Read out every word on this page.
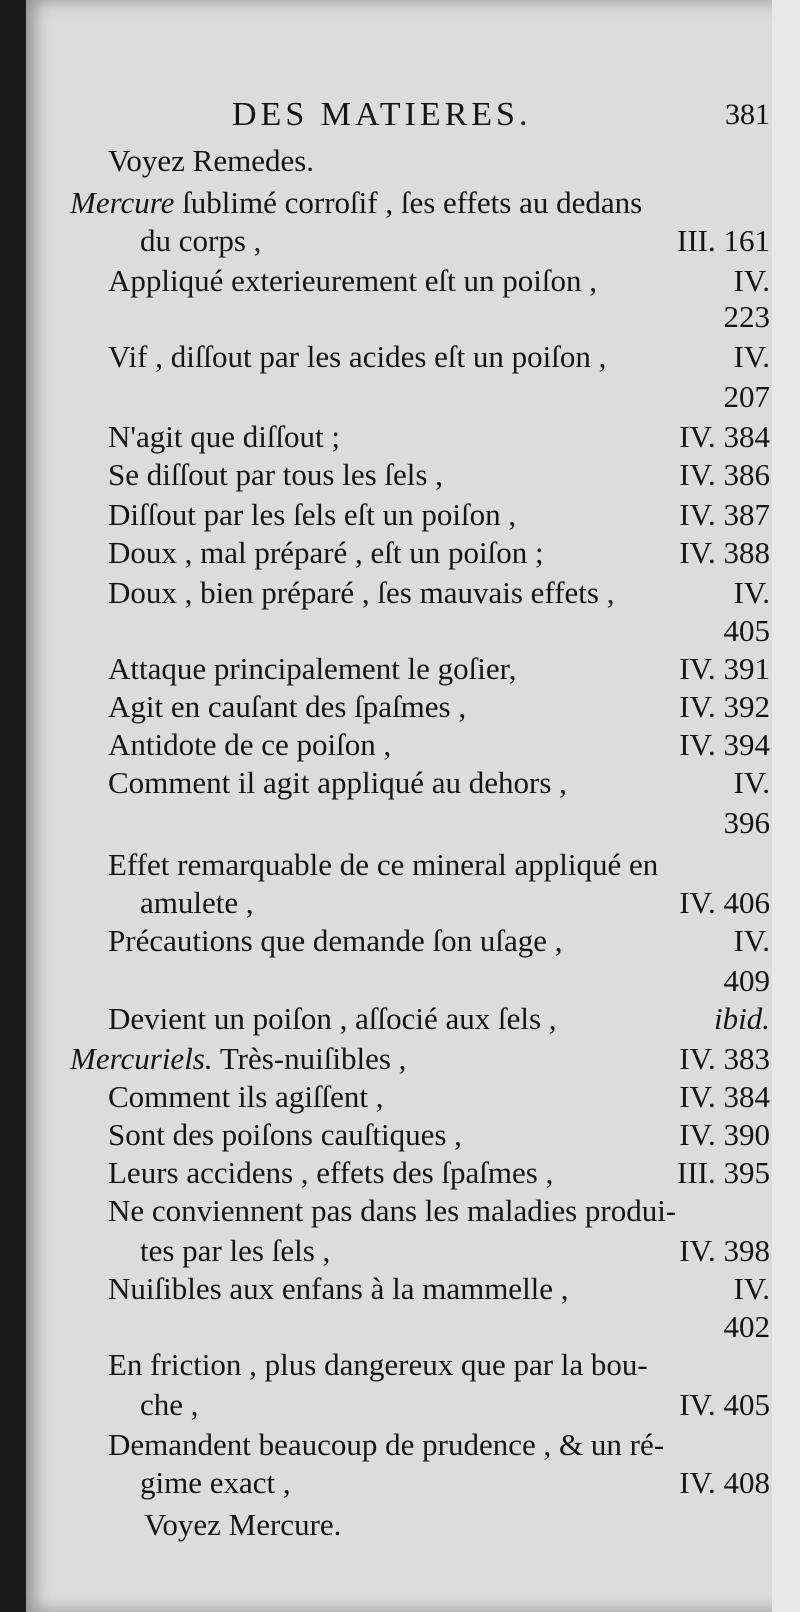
DES MATIERES.	381
Voyez Remedes.
Mercure ſublimé corroſif , ſes effets au dedans
du corps ,	III. 161
Appliqué exterieurement eſt un poiſon ,	IV.
223
Vif , diſſout par les acides eſt un poiſon ,	IV.
207
N'agit que diſſout ;	IV. 384
Se diſſout par tous les ſels ,	IV. 386
Diſſout par les ſels eſt un poiſon ,	IV. 387
Doux , mal préparé , eſt un poiſon ;	IV. 388
Doux , bien préparé , ſes mauvais effets ,	IV.
405
Attaque principalement le goſier,	IV. 391
Agit en cauſant des ſpaſmes ,	IV. 392
Antidote de ce poiſon ,	IV. 394
Comment il agit appliqué au dehors ,	IV.
396
Effet remarquable de ce mineral appliqué en
amulete ,	IV. 406
Précautions que demande ſon uſage ,	IV.
409
Devient un poiſon , aſſocié aux ſels ,	ibid.
Mercuriels. Très-nuiſibles ,	IV. 383
Comment ils agiſſent ,	IV. 384
Sont des poiſons cauſtiques ,	IV. 390
Leurs accidens , effets des ſpaſmes ,	III. 395
Ne conviennent pas dans les maladies produi-
tes par les ſels ,	IV. 398
Nuiſibles aux enfans à la mammelle ,	IV.
402
En friction , plus dangereux que par la bou-
che ,	IV. 405
Demandent beaucoup de prudence , & un ré-
gime exact ,	IV. 408
Voyez Mercure.
